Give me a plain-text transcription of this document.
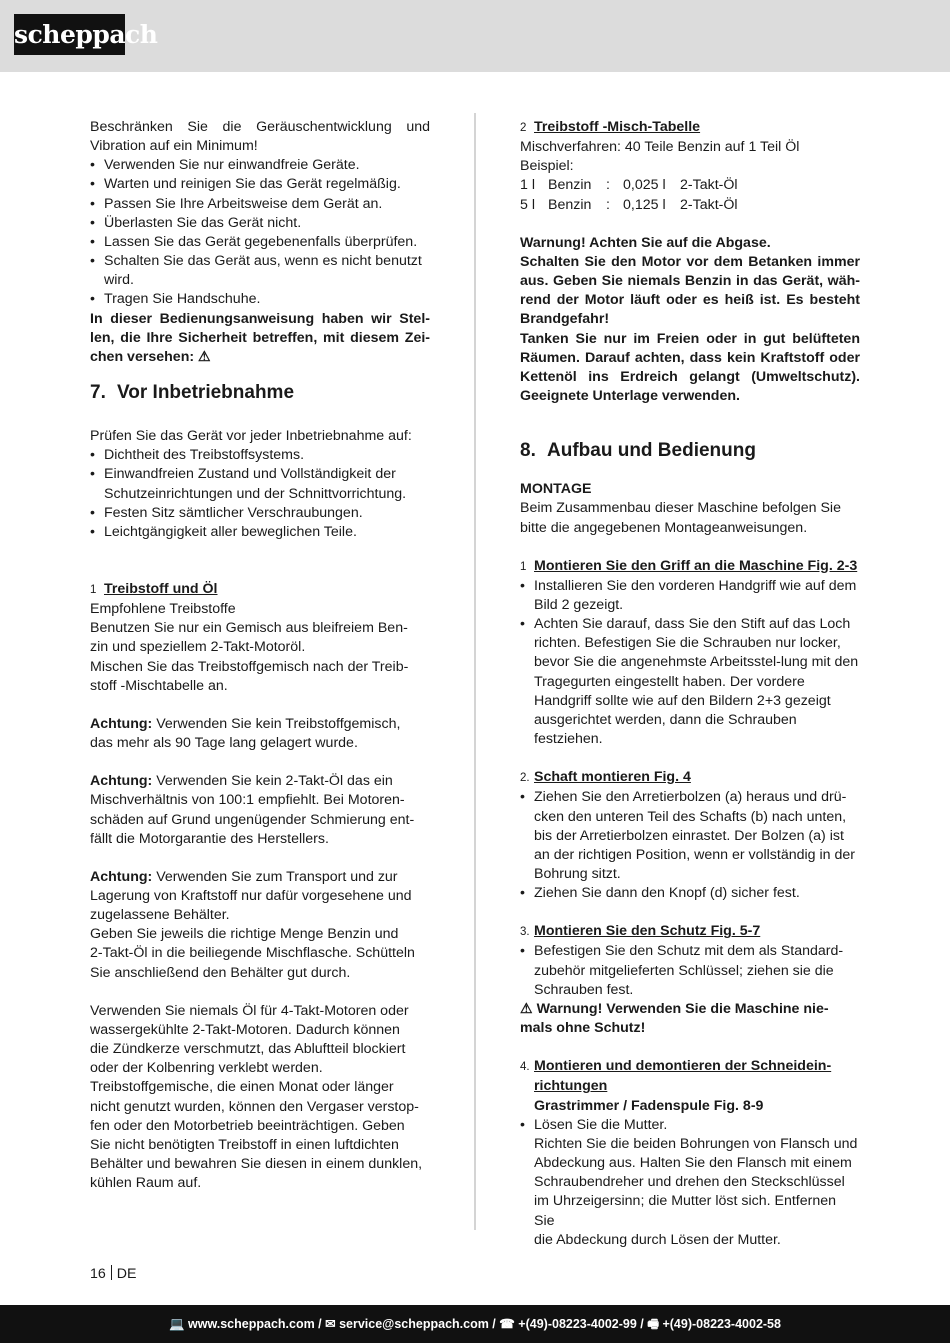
scheppach

Beschränken Sie die Geräuschentwicklung und

Vibration auf ein Minimum!

• Verwenden Sie nur einwandfreie Geräte.
• Warten und reinigen Sie das Gerät regelmäßig.
• Passen Sie Ihre Arbeitsweise dem Gerät an.
• Überlasten Sie das Gerät nicht.
• Lassen Sie das Gerät gegebenenfalls überprüfen.
• Schalten Sie das Gerät aus, wenn es nicht benutzt wird.
• Tragen Sie Handschuhe.

In dieser Bedienungsanweisung haben wir Stel-

len, die Ihre Sicherheit betreffen, mit diesem Zei-

chen versehen: ⚠

7. Vor Inbetriebnahme

Prüfen Sie das Gerät vor jeder Inbetriebnahme auf:

• Dichtheit des Treibstoffsystems.
• Einwandfreien Zustand und Vollständigkeit der Schutzeinrichtungen und der Schnittvorrichtung.
• Festen Sitz sämtlicher Verschraubungen.
• Leichtgängigkeit aller beweglichen Teile.

1 Treibstoff und Öl

Empfohlene Treibstoffe

Benutzen Sie nur ein Gemisch aus bleifreiem Ben-

zin und speziellem 2-Takt-Motoröl.

Mischen Sie das Treibstoffgemisch nach der Treib-

stoff -Mischtabelle an.

Achtung: Verwenden Sie kein Treibstoffgemisch,

das mehr als 90 Tage lang gelagert wurde.

Achtung: Verwenden Sie kein 2-Takt-Öl das ein

Mischverhältnis von 100:1 empfiehlt. Bei Motoren-

schäden auf Grund ungenügender Schmierung ent-

fällt die Motorgarantie des Herstellers.

Achtung: Verwenden Sie zum Transport und zur

Lagerung von Kraftstoff nur dafür vorgesehene und

zugelassene Behälter.

Geben Sie jeweils die richtige Menge Benzin und

2-Takt-Öl in die beiliegende Mischflasche. Schütteln

Sie anschließend den Behälter gut durch.

Verwenden Sie niemals Öl für 4-Takt-Motoren oder

wassergekühlte 2-Takt-Motoren. Dadurch können

die Zündkerze verschmutzt, das Abluftteil blockiert

oder der Kolbenring verklebt werden.

Treibstoffgemische, die einen Monat oder länger

nicht genutzt wurden, können den Vergaser verstop-

fen oder den Motorbetrieb beeinträchtigen. Geben

Sie nicht benötigten Treibstoff in einen luftdichten

Behälter und bewahren Sie diesen in einem dunklen,

kühlen Raum auf.

2 Treibstoff -Misch-Tabelle

Mischverfahren: 40 Teile Benzin auf 1 Teil Öl

Beispiel:

1 l Benzin	: 0,025 l	2-Takt-Öl
5 l Benzin	: 0,125 l	2-Takt-Öl

Warnung! Achten Sie auf die Abgase.

Schalten Sie den Motor vor dem Betanken immer

aus. Geben Sie niemals Benzin in das Gerät, wäh-

rend der Motor läuft oder es heiß ist. Es besteht

Brandgefahr!

Tanken Sie nur im Freien oder in gut belüfteten

Räumen. Darauf achten, dass kein Kraftstoff oder

Kettenöl ins Erdreich gelangt (Umweltschutz).

Geeignete Unterlage verwenden.

8. Aufbau und Bedienung

MONTAGE

Beim Zusammenbau dieser Maschine befolgen Sie

bitte die angegebenen Montageanweisungen.

1 Montieren Sie den Griff an die Maschine Fig. 2-3

• Installieren Sie den vorderen Handgriff wie auf dem Bild 2 gezeigt.
• Achten Sie darauf, dass Sie den Stift auf das Loch richten. Befestigen Sie die Schrauben nur locker, bevor Sie die angenehmste Arbeitsstel-lung mit den Tragegurten eingestellt haben. Der vordere Handgriff sollte wie auf den Bildern 2+3 gezeigt ausgerichtet werden, dann die Schrauben festziehen.

2. Schaft montieren Fig. 4

• Ziehen Sie den Arretierbolzen (a) heraus und drü-cken den unteren Teil des Schafts (b) nach unten, bis der Arretierbolzen einrastet. Der Bolzen (a) ist an der richtigen Position, wenn er vollständig in der Bohrung sitzt.
• Ziehen Sie dann den Knopf (d) sicher fest.

3. Montieren Sie den Schutz Fig. 5-7

• Befestigen Sie den Schutz mit dem als Standard-zubehör mitgelieferten Schlüssel; ziehen sie die Schrauben fest.

⚠ Warnung! Verwenden Sie die Maschine nie-

mals ohne Schutz!

4. Montieren und demontieren der Schneidein-

richtungen

Grastrimmer / Fadenspule Fig. 8-9

• Lösen Sie die Mutter.

Richten Sie die beiden Bohrungen von Flansch und

Abdeckung aus. Halten Sie den Flansch mit einem

Schraubendreher und drehen den Steckschlüssel

im Uhrzeigersinn; die Mutter löst sich. Entfernen Sie

die Abdeckung durch Lösen der Mutter.

16 DE
💻 www.scheppach.com / ✉ service@scheppach.com / ☎ +(49)-08223-4002-99 / 🖷 +(49)-08223-4002-58
